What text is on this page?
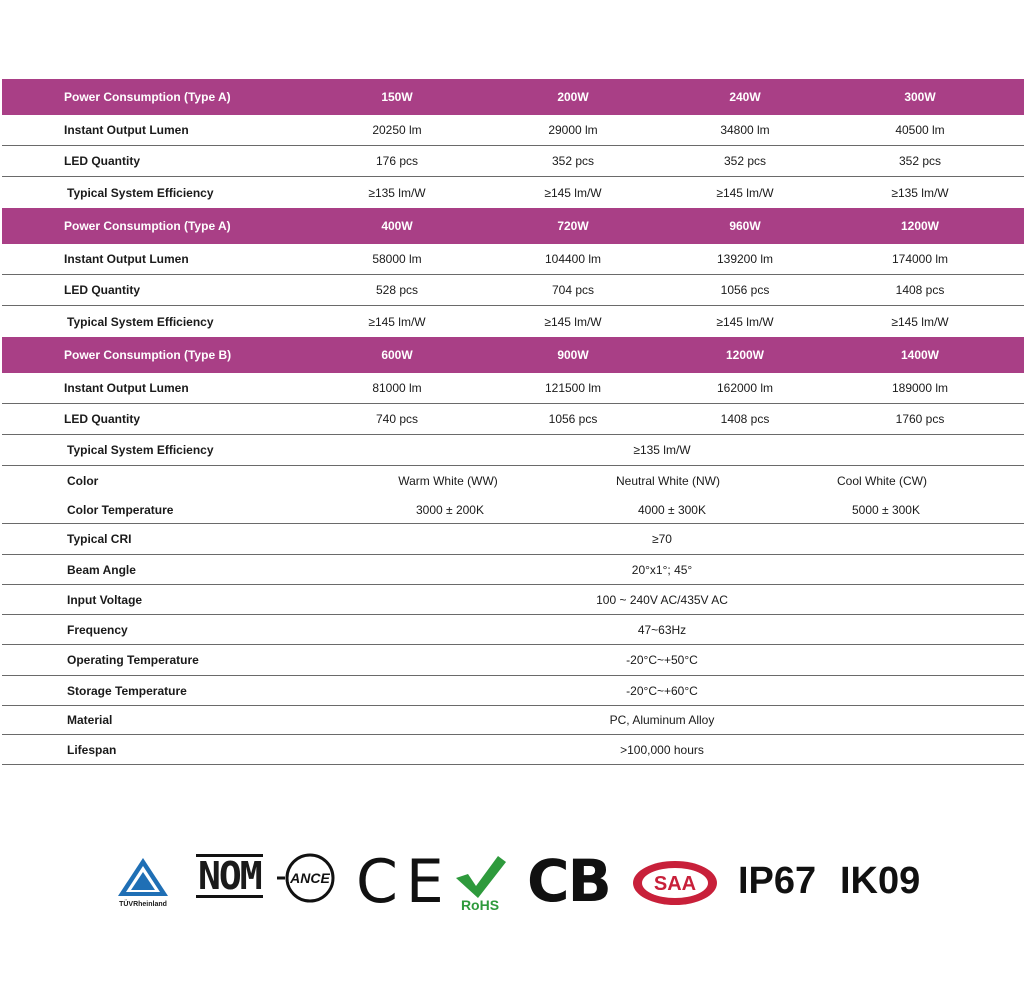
Power Consumption (Type A)	150W	200W	240W	300W
Instant Output Lumen	20250 lm	29000 lm	34800 lm	40500 lm
LED Quantity	176 pcs	352 pcs	352 pcs	352 pcs
Typical System Efficiency	≥135 lm/W	≥145 lm/W	≥145 lm/W	≥135 lm/W
Power Consumption (Type A)	400W	720W	960W	1200W
Instant Output Lumen	58000 lm	104400 lm	139200 lm	174000 lm
LED Quantity	528 pcs	704 pcs	1056 pcs	1408 pcs
Typical System Efficiency	≥145 lm/W	≥145 lm/W	≥145 lm/W	≥145 lm/W
Power Consumption (Type B)	600W	900W	1200W	1400W
Instant Output Lumen	81000 lm	121500 lm	162000 lm	189000 lm
LED Quantity	740 pcs	1056 pcs	1408 pcs	1760 pcs
Typical System Efficiency	≥135 lm/W
Color	Warm White (WW)	Neutral White (NW)	Cool White (CW)
Color Temperature	3000 ± 200K	4000 ± 300K	5000 ± 300K
Typical CRI	≥70
Beam Angle	20°x1°; 45°
Input Voltage	100 ~ 240V AC/435V AC
Frequency	47~63Hz
Operating Temperature	-20°C~+50°C
Storage Temperature	-20°C~+60°C
Material	PC, Aluminum Alloy
Lifespan	>100,000 hours
TÜVRheinland
NOM ANCE CE RoHS CB SAA IP67 IK09
